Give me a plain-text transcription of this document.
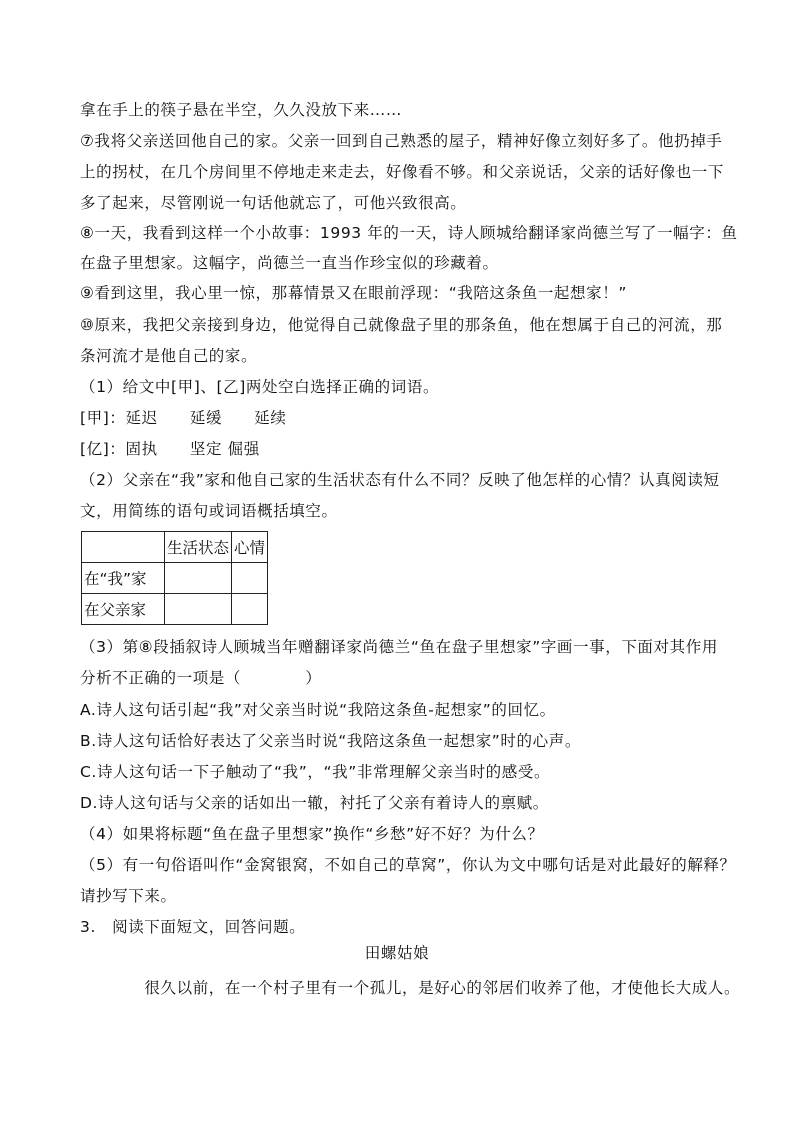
拿在手上的筷子悬在半空，久久没放下来……
⑦我将父亲送回他自己的家。父亲一回到自己熟悉的屋子，精神好像立刻好多了。他扔掉手
上的拐杖，在几个房间里不停地走来走去，好像看不够。和父亲说话，父亲的话好像也一下
多了起来，尽管刚说一句话他就忘了，可他兴致很高。
⑧一天，我看到这样一个小故事：1993 年的一天，诗人顾城给翻译家尚德兰写了一幅字：鱼
在盘子里想家。这幅字，尚德兰一直当作珍宝似的珍藏着。
⑨看到这里，我心里一惊，那幕情景又在眼前浮现：“我陪这条鱼一起想家！”
⑩原来，我把父亲接到身边，他觉得自己就像盘子里的那条鱼，他在想属于自己的河流，那
条河流才是他自己的家。
（1）给文中[甲]、[乙]两处空白选择正确的词语。
[甲]：延迟　　延缓　　延续
[亿]：固执　　坚定 倔强
（2）父亲在“我”家和他自己家的生活状态有什么不同？反映了他怎样的心情？认真阅读短
文，用简练的语句或词语概括填空。
	生活状态	心情
在“我”家		
在父亲家		
（3）第⑧段插叙诗人顾城当年赠翻译家尚德兰“鱼在盘子里想家”字画一事，下面对其作用
分析不正确的一项是（　　　　）
A.诗人这句话引起“我”对父亲当时说“我陪这条鱼-起想家”的回忆。
B.诗人这句话恰好表达了父亲当时说“我陪这条鱼一起想家”时的心声。
C.诗人这句话一下子触动了“我”，“我”非常理解父亲当时的感受。
D.诗人这句话与父亲的话如出一辙，衬托了父亲有着诗人的禀赋。
（4）如果将标题“鱼在盘子里想家”换作“乡愁”好不好？为什么？
（5）有一句俗语叫作“金窝银窝，不如自己的草窝”，你认为文中哪句话是对此最好的解释？
请抄写下来。
3.　阅读下面短文，回答问题。
田螺姑娘
　　　　很久以前，在一个村子里有一个孤儿，是好心的邻居们收养了他，才使他长大成人。
